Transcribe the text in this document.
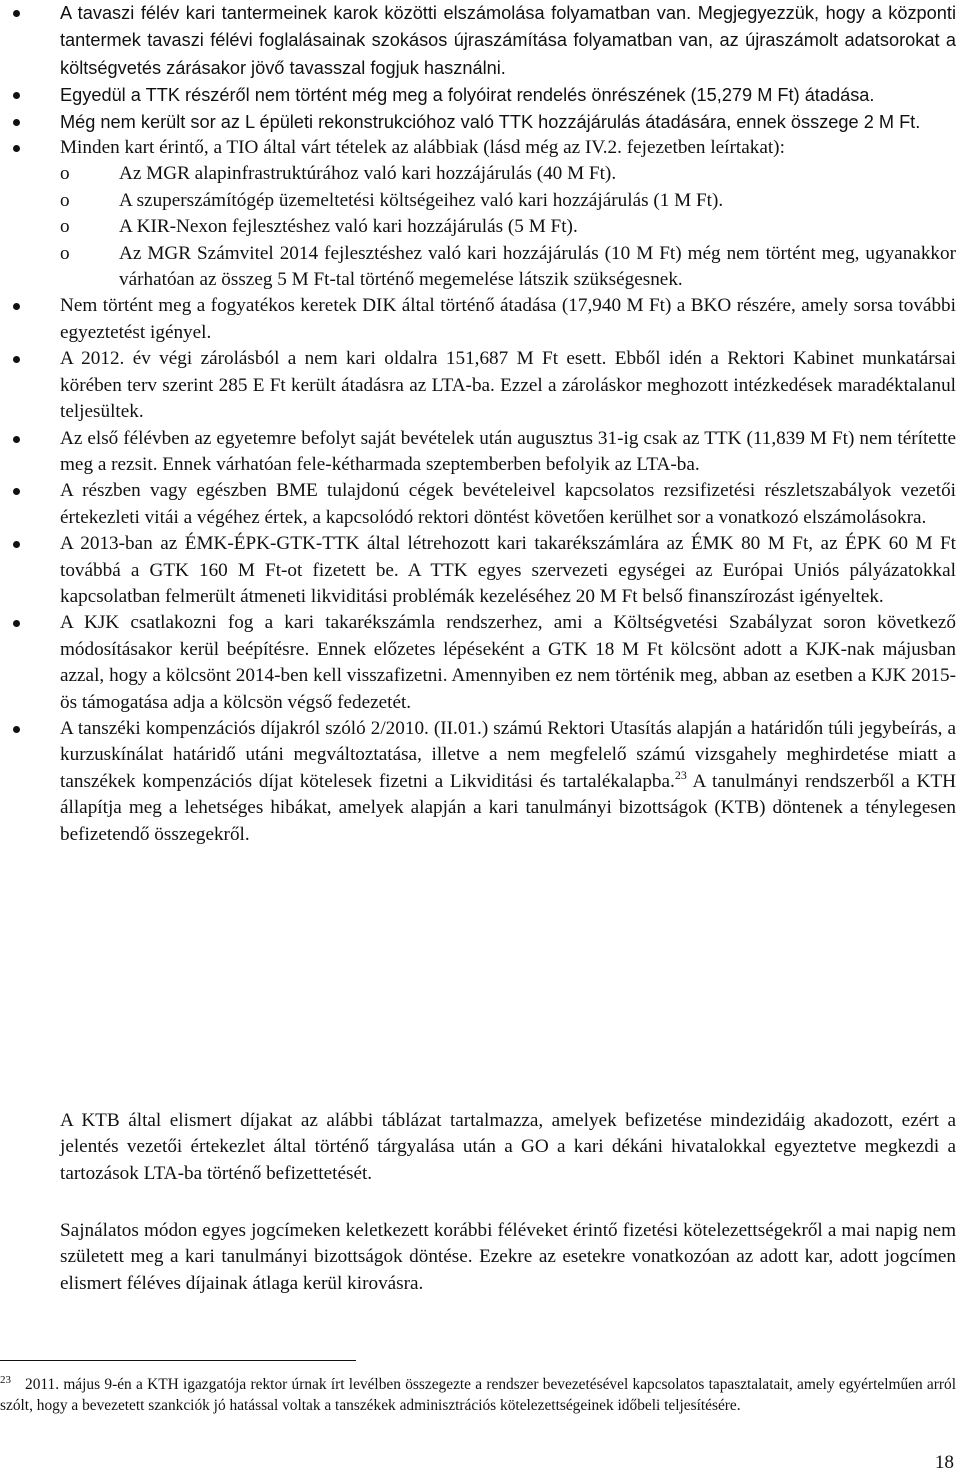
A tavaszi félév kari tantermeinek karok közötti elszámolása folyamatban van. Megjegyezzük, hogy a központi tantermek tavaszi félévi foglalásainak szokásos újraszámítása folyamatban van, az újraszámolt adatsorokat a költségvetés zárásakor jövő tavasszal fogjuk használni.
Egyedül a TTK részéről nem történt még meg a folyóirat rendelés önrészének (15,279 M Ft) átadása.
Még nem került sor az L épületi rekonstrukcióhoz való TTK hozzájárulás átadására, ennek összege 2 M Ft.
Minden kart érintő, a TIO által várt tételek az alábbiak (lásd még az IV.2. fejezetben leírtakat):
o	Az MGR alapinfrastruktúrához való kari hozzájárulás (40 M Ft).
o	A szuperszámítógép üzemeltetési költségeihez való kari hozzájárulás (1 M Ft).
o	A KIR-Nexon fejlesztéshez való kari hozzájárulás (5 M Ft).
o	Az MGR Számvitel 2014 fejlesztéshez való kari hozzájárulás (10 M Ft) még nem történt meg, ugyanakkor várhatóan az összeg 5 M Ft-tal történő megemelése látszik szükségesnek.
Nem történt meg a fogyatékos keretek DIK által történő átadása (17,940 M Ft) a BKO részére, amely sorsa további egyeztetést igényel.
A 2012. év végi zárolásból a nem kari oldalra 151,687 M Ft esett. Ebből idén a Rektori Kabinet munkatársai körében terv szerint 285 E Ft került átadásra az LTA-ba. Ezzel a zároláskor meghozott intézkedések maradéktalanul teljesültek.
Az első félévben az egyetemre befolyt saját bevételek után augusztus 31-ig csak az TTK (11,839 M Ft) nem térítette meg a rezsit. Ennek várhatóan fele-kétharmada szeptemberben befolyik az LTA-ba.
A részben vagy egészben BME tulajdonú cégek bevételeivel kapcsolatos rezsifizetési részletszabályok vezetői értekezleti vitái a végéhez értek, a kapcsolódó rektori döntést követően kerülhet sor a vonatkozó elszámolásokra.
A 2013-ban az ÉMK-ÉPK-GTK-TTK által létrehozott kari takarékszámlára az ÉMK 80 M Ft, az ÉPK 60 M Ft továbbá a GTK 160 M Ft-ot fizetett be. A TTK egyes szervezeti egységei az Európai Uniós pályázatokkal kapcsolatban felmerült átmeneti likviditási problémák kezeléséhez 20 M Ft belső finanszírozást igényeltek.
A KJK csatlakozni fog a kari takarékszámla rendszerhez, ami a Költségvetési Szabályzat soron következő módosításakor kerül beépítésre. Ennek előzetes lépéseként a GTK 18 M Ft kölcsönt adott a KJK-nak májusban azzal, hogy a kölcsönt 2014-ben kell visszafizetni. Amennyiben ez nem történik meg, abban az esetben a KJK 2015-ös támogatása adja a kölcsön végső fedezetét.
A tanszéki kompenzációs díjakról szóló 2/2010. (II.01.) számú Rektori Utasítás alapján a határidőn túli jegybeírás, a kurzuskínálat határidő utáni megváltoztatása, illetve a nem megfelelő számú vizsgahely meghirdetése miatt a tanszékek kompenzációs díjat kötelesek fizetni a Likviditási és tartalékalapba.$^{23}$ A tanulmányi rendszerből a KTH állapítja meg a lehetséges hibákat, amelyek alapján a kari tanulmányi bizottságok (KTB) döntenek a ténylegesen befizetendő összegekről.
A KTB által elismert díjakat az alábbi táblázat tartalmazza, amelyek befizetése mindezidáig akadozott, ezért a jelentés vezetői értekezlet által történő tárgyalása után a GO a kari dékáni hivatalokkal egyeztetve megkezdi a tartozások LTA-ba történő befizettetését.
Sajnálatos módon egyes jogcímeken keletkezett korábbi féléveket érintő fizetési kötelezettségekről a mai napig nem született meg a kari tanulmányi bizottságok döntése. Ezekre az esetekre vonatkozóan az adott kar, adott jogcímen elismert féléves díjainak átlaga kerül kirovásra.
$^{23}$ 2011. május 9-én a KTH igazgatója rektor úrnak írt levélben összegezte a rendszer bevezetésével kapcsolatos tapasztalatait, amely egyértelműen arról szólt, hogy a bevezetett szankciók jó hatással voltak a tanszékek adminisztrációs kötelezettségeinek időbeli teljesítésére.
18
